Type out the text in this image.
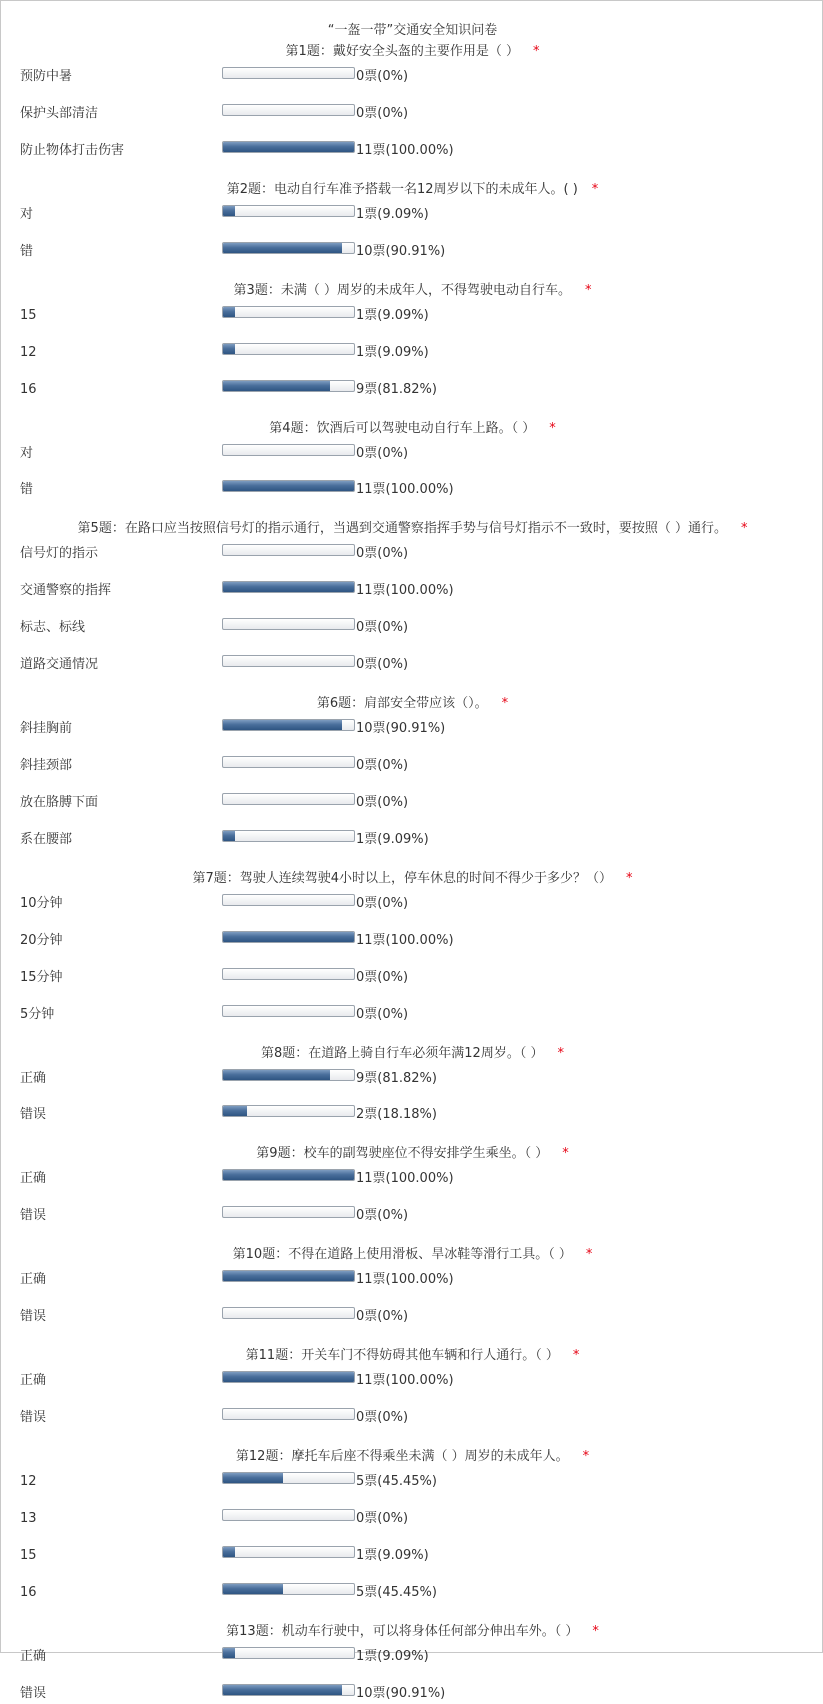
“一盔一带”交通安全知识问卷
第1题：戴好安全头盔的主要作用是（ ） *
预防中暑	0票(0%)
保护头部清洁	0票(0%)
防止物体打击伤害	11票(100.00%)
第2题：电动自行车准予搭载一名12周岁以下的未成年人。( ) *
对	1票(9.09%)
错	10票(90.91%)
第3题：未满（ ）周岁的未成年人，不得驾驶电动自行车。 *
15	1票(9.09%)
12	1票(9.09%)
16	9票(81.82%)
第4题：饮酒后可以驾驶电动自行车上路。（ ） *
对	0票(0%)
错	11票(100.00%)
第5题：在路口应当按照信号灯的指示通行，当遇到交通警察指挥手势与信号灯指示不一致时，要按照（ ）通行。 *
信号灯的指示	0票(0%)
交通警察的指挥	11票(100.00%)
标志、标线	0票(0%)
道路交通情况	0票(0%)
第6题：肩部安全带应该（）。 *
斜挂胸前	10票(90.91%)
斜挂颈部	0票(0%)
放在胳膊下面	0票(0%)
系在腰部	1票(9.09%)
第7题：驾驶人连续驾驶4小时以上，停车休息的时间不得少于多少？（） *
10分钟	0票(0%)
20分钟	11票(100.00%)
15分钟	0票(0%)
5分钟	0票(0%)
第8题：在道路上骑自行车必须年满12周岁。（ ） *
正确	9票(81.82%)
错误	2票(18.18%)
第9题：校车的副驾驶座位不得安排学生乘坐。（ ） *
正确	11票(100.00%)
错误	0票(0%)
第10题：不得在道路上使用滑板、旱冰鞋等滑行工具。（ ） *
正确	11票(100.00%)
错误	0票(0%)
第11题：开关车门不得妨碍其他车辆和行人通行。（ ） *
正确	11票(100.00%)
错误	0票(0%)
第12题：摩托车后座不得乘坐未满（ ）周岁的未成年人。 *
12	5票(45.45%)
13	0票(0%)
15	1票(9.09%)
16	5票(45.45%)
第13题：机动车行驶中，可以将身体任何部分伸出车外。（ ） *
正确	1票(9.09%)
错误	10票(90.91%)
